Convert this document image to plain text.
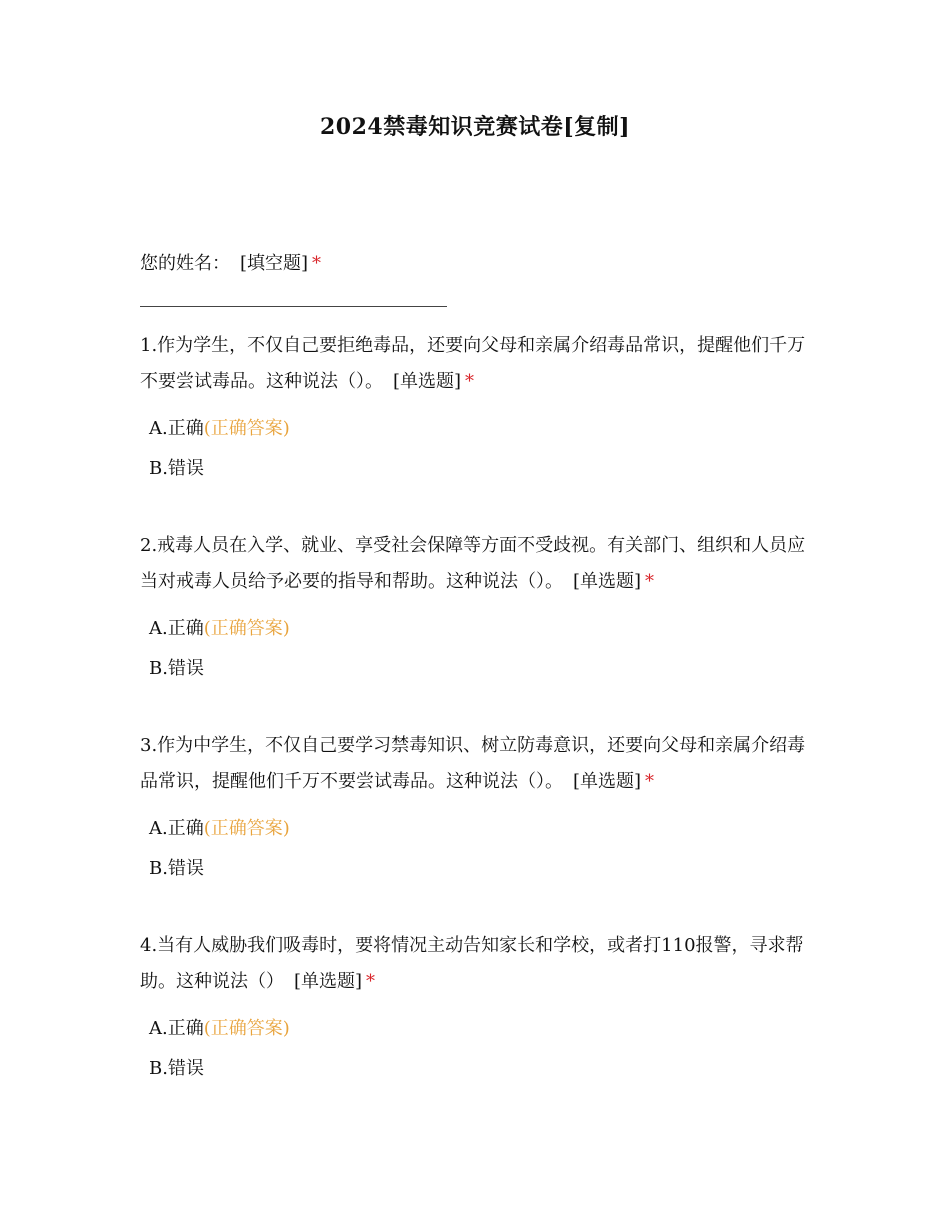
2024禁毒知识竞赛试卷[复制]
您的姓名： [填空题] *
1.作为学生，不仅自己要拒绝毒品，还要向父母和亲属介绍毒品常识，提醒他们千万不要尝试毒品。这种说法（）。 [单选题] *
A.正确(正确答案)
B.错误
2.戒毒人员在入学、就业、享受社会保障等方面不受歧视。有关部门、组织和人员应当对戒毒人员给予必要的指导和帮助。这种说法（）。 [单选题] *
A.正确(正确答案)
B.错误
3.作为中学生，不仅自己要学习禁毒知识、树立防毒意识，还要向父母和亲属介绍毒品常识，提醒他们千万不要尝试毒品。这种说法（）。 [单选题] *
A.正确(正确答案)
B.错误
4.当有人威胁我们吸毒时，要将情况主动告知家长和学校，或者打110报警，寻求帮助。这种说法（） [单选题] *
A.正确(正确答案)
B.错误
